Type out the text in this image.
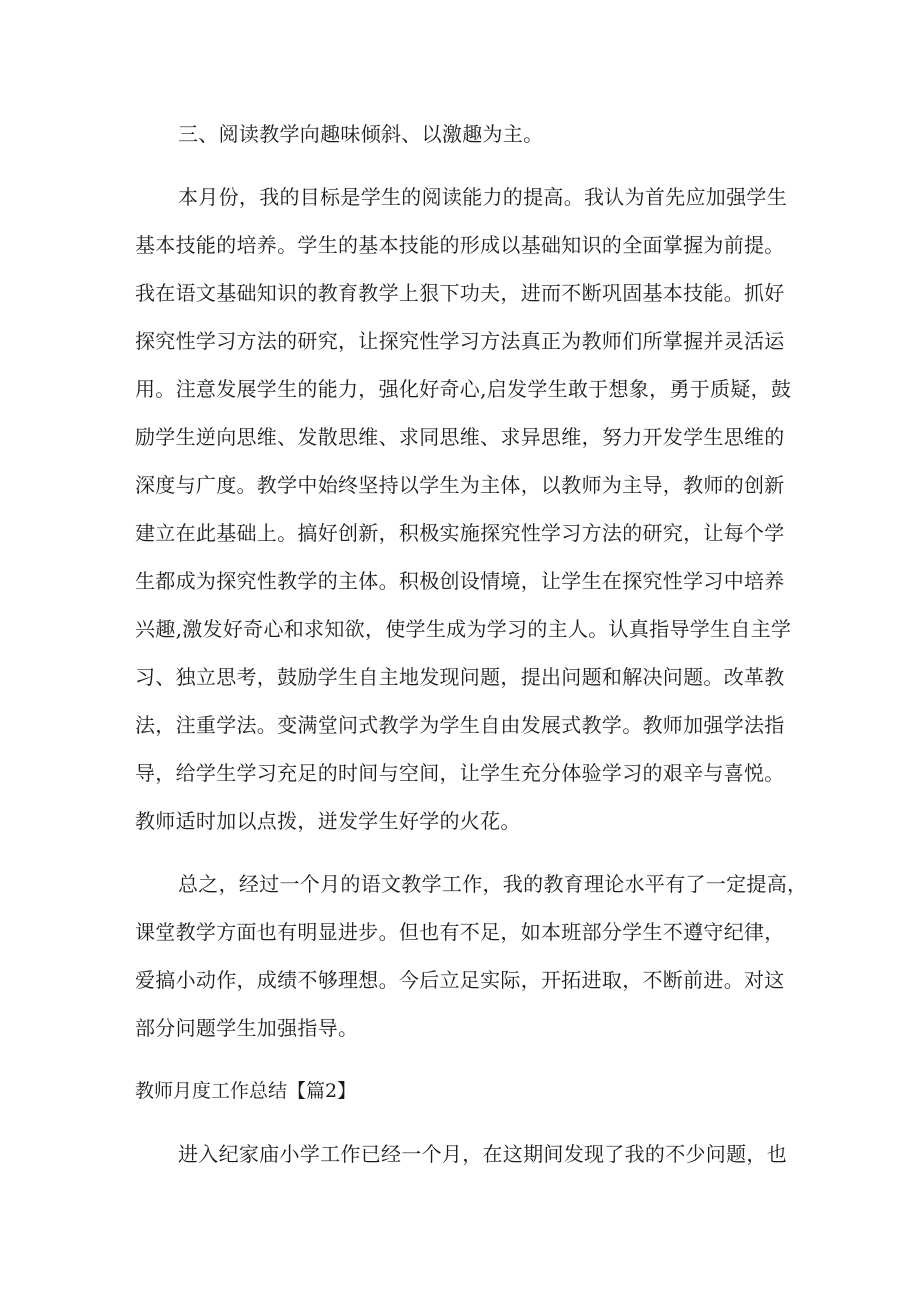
三、阅读教学向趣味倾斜、以激趣为主。
本月份，我的目标是学生的阅读能力的提高。我认为首先应加强学生
基本技能的培养。学生的基本技能的形成以基础知识的全面掌握为前提。
我在语文基础知识的教育教学上狠下功夫，进而不断巩固基本技能。抓好
探究性学习方法的研究，让探究性学习方法真正为教师们所掌握并灵活运
用。注意发展学生的能力，强化好奇心,启发学生敢于想象，勇于质疑，鼓
励学生逆向思维、发散思维、求同思维、求异思维，努力开发学生思维的
深度与广度。教学中始终坚持以学生为主体，以教师为主导，教师的创新
建立在此基础上。搞好创新，积极实施探究性学习方法的研究，让每个学
生都成为探究性教学的主体。积极创设情境，让学生在探究性学习中培养
兴趣,激发好奇心和求知欲，使学生成为学习的主人。认真指导学生自主学
习、独立思考，鼓励学生自主地发现问题，提出问题和解决问题。改革教
法，注重学法。变满堂问式教学为学生自由发展式教学。教师加强学法指
导，给学生学习充足的时间与空间，让学生充分体验学习的艰辛与喜悦。
教师适时加以点拨，迸发学生好学的火花。
总之，经过一个月的语文教学工作，我的教育理论水平有了一定提高，
课堂教学方面也有明显进步。但也有不足，如本班部分学生不遵守纪律，
爱搞小动作，成绩不够理想。今后立足实际，开拓进取，不断前进。对这
部分问题学生加强指导。
教师月度工作总结【篇2】
进入纪家庙小学工作已经一个月，在这期间发现了我的不少问题，也
